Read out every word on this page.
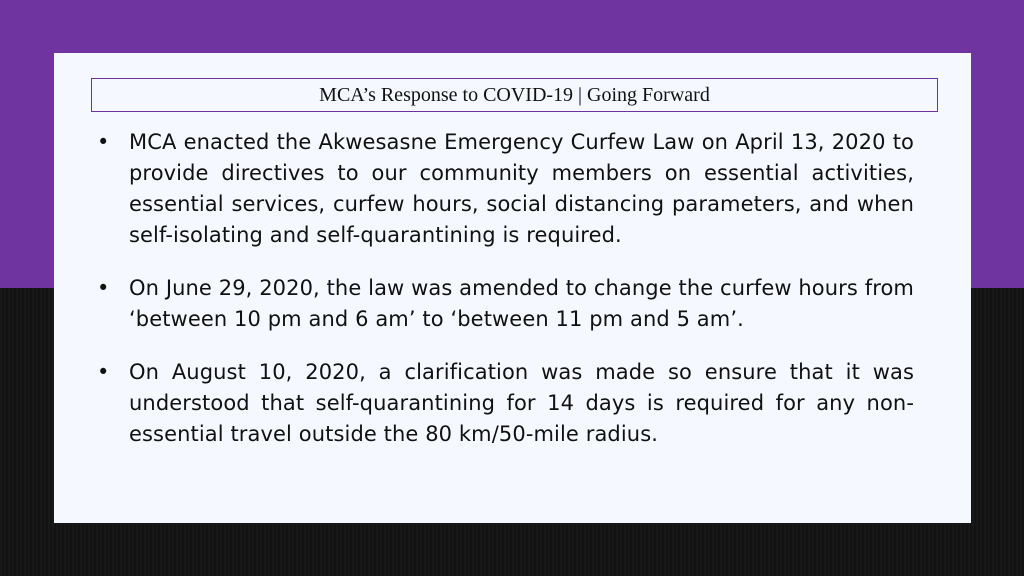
MCA’s Response to COVID-19 | Going Forward
• MCA enacted the Akwesasne Emergency Curfew Law on April 13, 2020 to provide directives to our community members on essential activities, essential services, curfew hours, social distancing parameters, and when self-isolating and self-quarantining is required.
• On June 29, 2020, the law was amended to change the curfew hours from ‘between 10 pm and 6 am’ to ‘between 11 pm and 5 am’.
• On August 10, 2020, a clarification was made so ensure that it was understood that self-quarantining for 14 days is required for any non-essential travel outside the 80 km/50-mile radius.
